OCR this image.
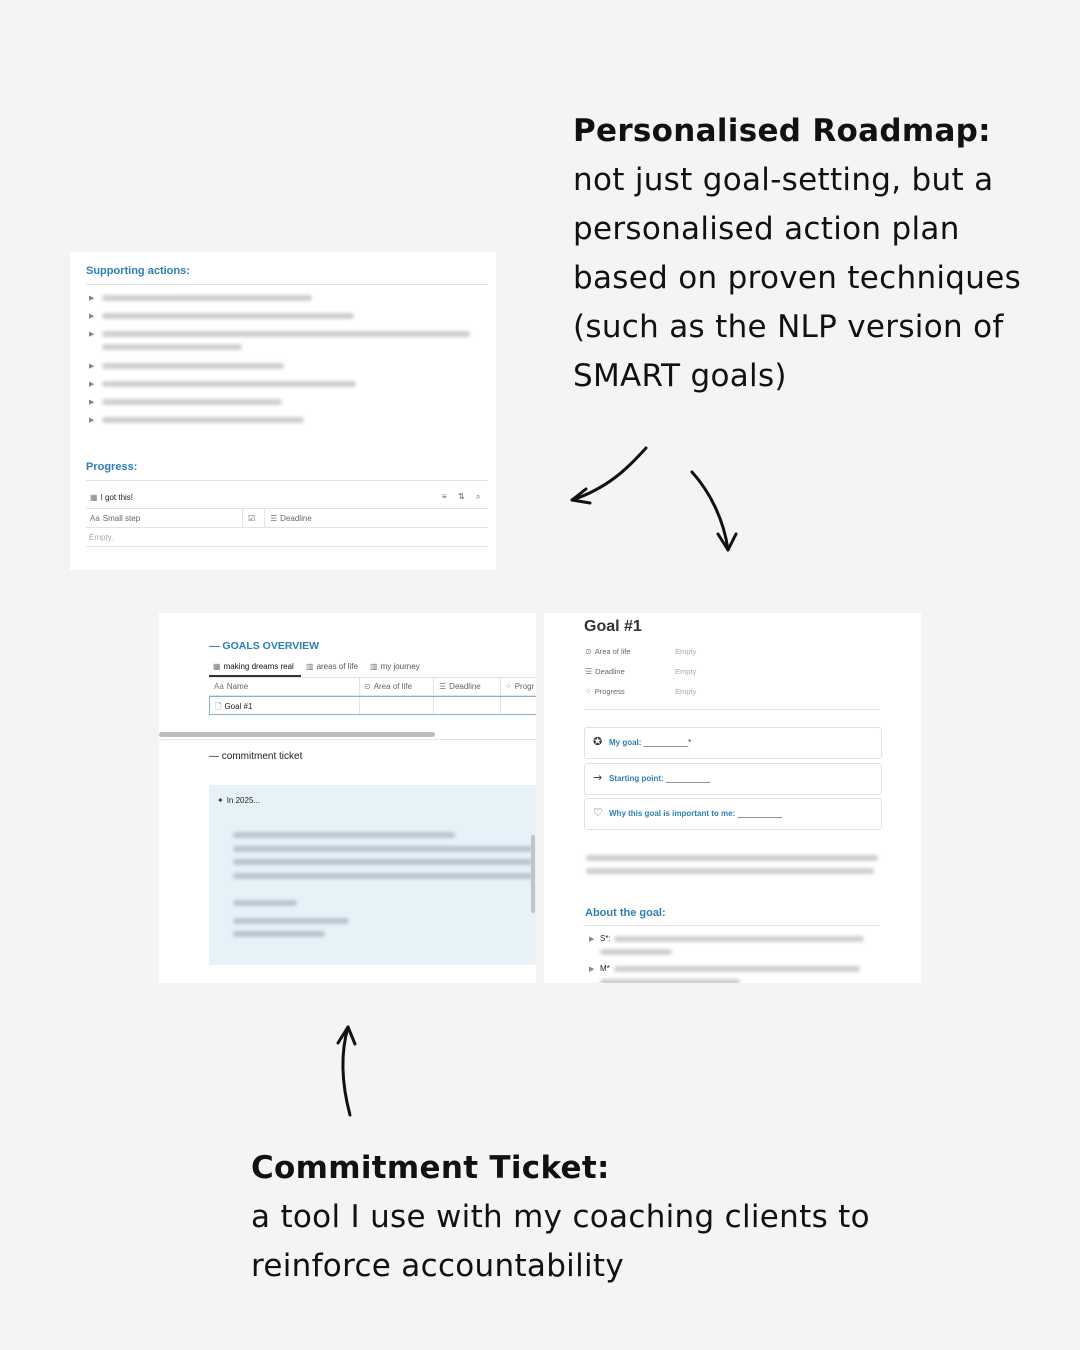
Personalised Roadmap:
not just goal-setting, but a personalised action plan based on proven techniques (such as the NLP version of SMART goals)
Commitment Ticket:
a tool I use with my coaching clients to reinforce accountability
Supporting actions:
▶
▶
▶
▶
▶
▶
▶
Progress:
▦ I got this!	≡ ⇅ ⌕
Aa Small step	☑ ☰ Deadline
Empty.
— GOALS OVERVIEW
▦ making dreams real ▥ areas of life ▥ my journey
Aa Name	⊙ Area of life	☰ Deadline	⁘ Progr
🗋 Goal #1
— commitment ticket
✦ In 2025...
Goal #1
⊙ Area of life	Empty
☰ Deadline	Empty
⁘ Progress	Empty
✪ My goal: __________*
→ Starting point: __________
♡ Why this goal is important to me: __________
About the goal:
▶ S*:
▶ M*
